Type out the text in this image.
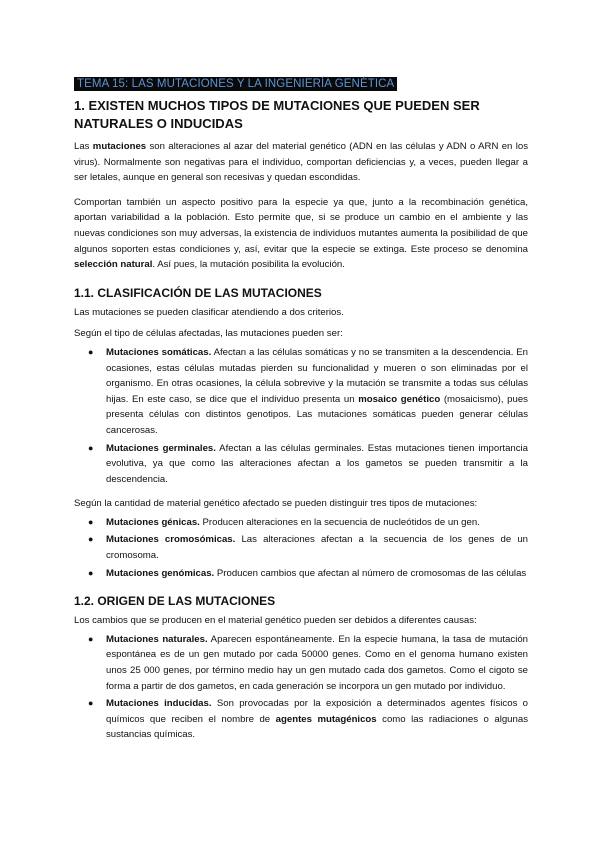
TEMA 15: LAS MUTACIONES Y LA INGENIERÍA GENÉTICA
1. EXISTEN MUCHOS TIPOS DE MUTACIONES QUE PUEDEN SER NATURALES O INDUCIDAS

Las mutaciones son alteraciones al azar del material genético (ADN en las células y ADN o ARN en los virus). Normalmente son negativas para el individuo, comportan deficiencias y, a veces, pueden llegar a ser letales, aunque en general son recesivas y quedan escondidas.

Comportan también un aspecto positivo para la especie ya que, junto a la recombinación genética, aportan variabilidad a la población. Esto permite que, si se produce un cambio en el ambiente y las nuevas condiciones son muy adversas, la existencia de individuos mutantes aumenta la posibilidad de que algunos soporten estas condiciones y, así, evitar que la especie se extinga. Este proceso se denomina selección natural. Así pues, la mutación posibilita la evolución.

1.1. CLASIFICACIÓN DE LAS MUTACIONES

Las mutaciones se pueden clasificar atendiendo a dos criterios.

Según el tipo de células afectadas, las mutaciones pueden ser:

● Mutaciones somáticas. Afectan a las células somáticas y no se transmiten a la descendencia. En ocasiones, estas células mutadas pierden su funcionalidad y mueren o son eliminadas por el organismo. En otras ocasiones, la célula sobrevive y la mutación se transmite a todas sus células hijas. En este caso, se dice que el individuo presenta un mosaico genético (mosaicismo), pues presenta células con distintos genotipos. Las mutaciones somáticas pueden generar células cancerosas.
● Mutaciones germinales. Afectan a las células germinales. Estas mutaciones tienen importancia evolutiva, ya que como las alteraciones afectan a los gametos se pueden transmitir a la descendencia.

Según la cantidad de material genético afectado se pueden distinguir tres tipos de mutaciones:

● Mutaciones génicas. Producen alteraciones en la secuencia de nucleótidos de un gen.
● Mutaciones cromosómicas. Las alteraciones afectan a la secuencia de los genes de un cromosoma.
● Mutaciones genómicas. Producen cambios que afectan al número de cromosomas de las células
1.2. ORIGEN DE LAS MUTACIONES

Los cambios que se producen en el material genético pueden ser debidos a diferentes causas:

● Mutaciones naturales. Aparecen espontáneamente. En la especie humana, la tasa de mutación espontánea es de un gen mutado por cada 50000 genes. Como en el genoma humano existen unos 25 000 genes, por término medio hay un gen mutado cada dos gametos. Como el cigoto se forma a partir de dos gametos, en cada generación se incorpora un gen mutado por individuo.
● Mutaciones inducidas. Son provocadas por la exposición a determinados agentes físicos o químicos que reciben el nombre de agentes mutagénicos como las radiaciones o algunas sustancias químicas.
